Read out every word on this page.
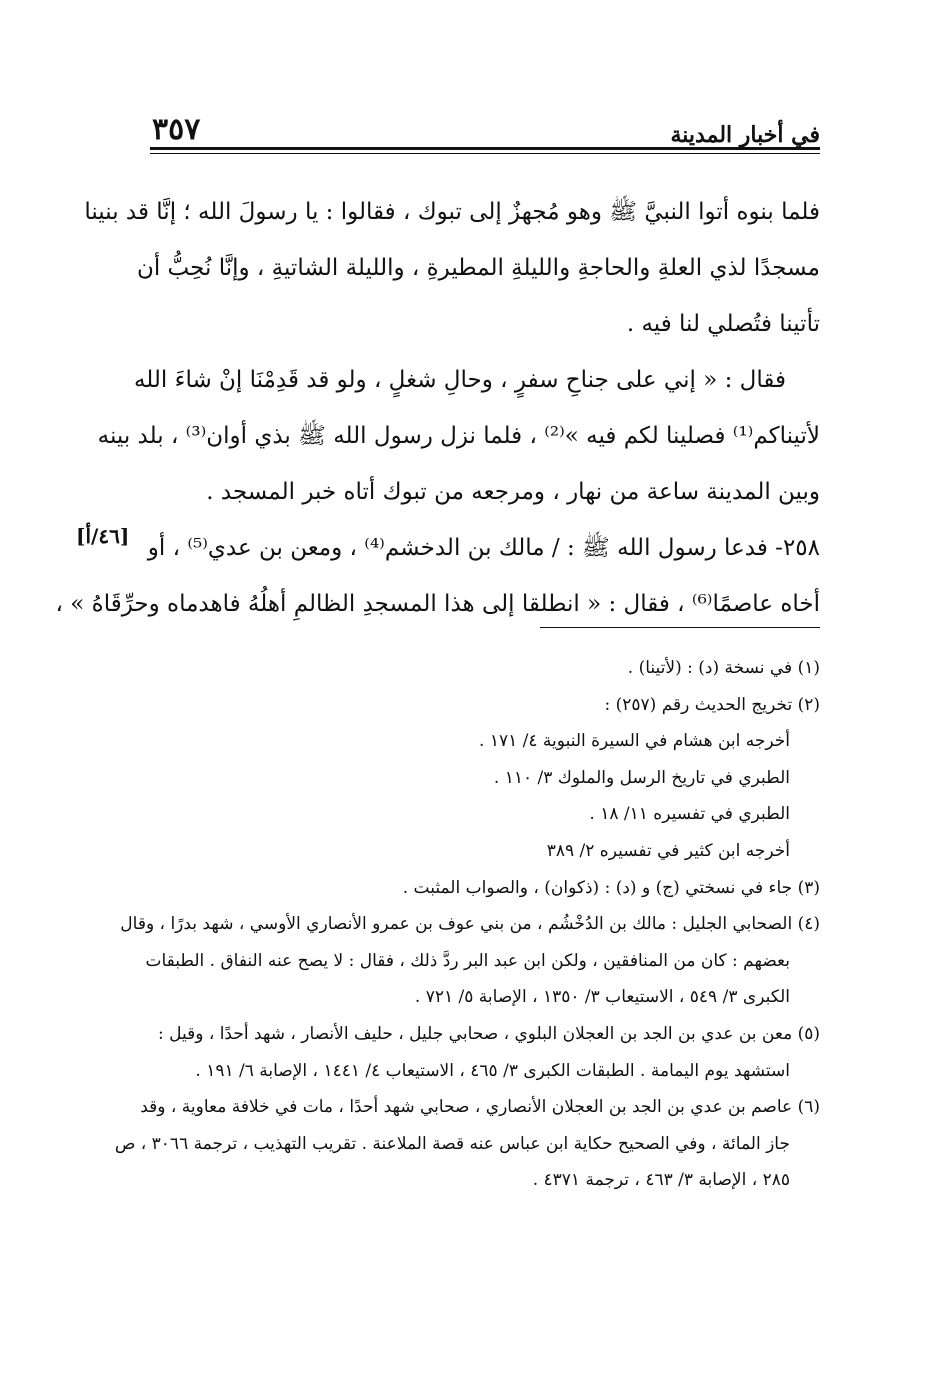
٣٥٧	في أخبار المدينة
فلما بنوه أتوا النبيَّ ﷺ وهو مُجهزٌ إلى تبوك ، فقالوا : يا رسولَ الله ؛ إنَّا قد بنينا
مسجدًا لذي العلةِ والحاجةِ والليلةِ المطيرةِ ، والليلة الشاتيةِ ، وإنَّا نُحِبُّ أن
تأتينا فتُصلي لنا فيه .
فقال : « إني على جناحِ سفرٍ ، وحالِ شغلٍ ، ولو قد قَدِمْنَا إنْ شاءَ الله
لأتيناكم⁽¹⁾ فصلينا لكم فيه »⁽²⁾ ، فلما نزل رسول الله ﷺ بذي أوان⁽³⁾ ، بلد بينه
وبين المدينة ساعة من نهار ، ومرجعه من تبوك أتاه خبر المسجد .
٢٥٨- فدعا رسول الله ﷺ : / مالك بن الدخشم⁽⁴⁾ ، ومعن بن عدي⁽⁵⁾ ، أو
أخاه عاصمًا⁽⁶⁾ ، فقال : « انطلقا إلى هذا المسجدِ الظالمِ أهلُهُ فاهدماه وحرِّقَاهُ » ،
[٤٦/أ]
(١) في نسخة (د) : (لأتينا) .
(٢) تخريج الحديث رقم (٢٥٧) :
أخرجه ابن هشام في السيرة النبوية ٤/ ١٧١ .
الطبري في تاريخ الرسل والملوك ٣/ ١١٠ .
الطبري في تفسيره ١١/ ١٨ .
أخرجه ابن كثير في تفسيره ٢/ ٣٨٩
(٣) جاء في نسختي (ج) و (د) : (ذكوان) ، والصواب المثبت .
(٤) الصحابي الجليل : مالك بن الدُخْشُم ، من بني عوف بن عمرو الأنصاري الأوسي ، شهد بدرًا ، وقال
بعضهم : كان من المنافقين ، ولكن ابن عبد البر ردَّ ذلك ، فقال : لا يصح عنه النفاق . الطبقات
الكبرى ٣/ ٥٤٩ ، الاستيعاب ٣/ ١٣٥٠ ، الإصابة ٥/ ٧٢١ .
(٥) معن بن عدي بن الجد بن العجلان البلوي ، صحابي جليل ، حليف الأنصار ، شهد أحدًا ، وقيل :
استشهد يوم اليمامة . الطبقات الكبرى ٣/ ٤٦٥ ، الاستيعاب ٤/ ١٤٤١ ، الإصابة ٦/ ١٩١ .
(٦) عاصم بن عدي بن الجد بن العجلان الأنصاري ، صحابي شهد أحدًا ، مات في خلافة معاوية ، وقد
جاز المائة ، وفي الصحيح حكاية ابن عباس عنه قصة الملاعنة . تقريب التهذيب ، ترجمة ٣٠٦٦ ، ص
٢٨٥ ، الإصابة ٣/ ٤٦٣ ، ترجمة ٤٣٧١ .
